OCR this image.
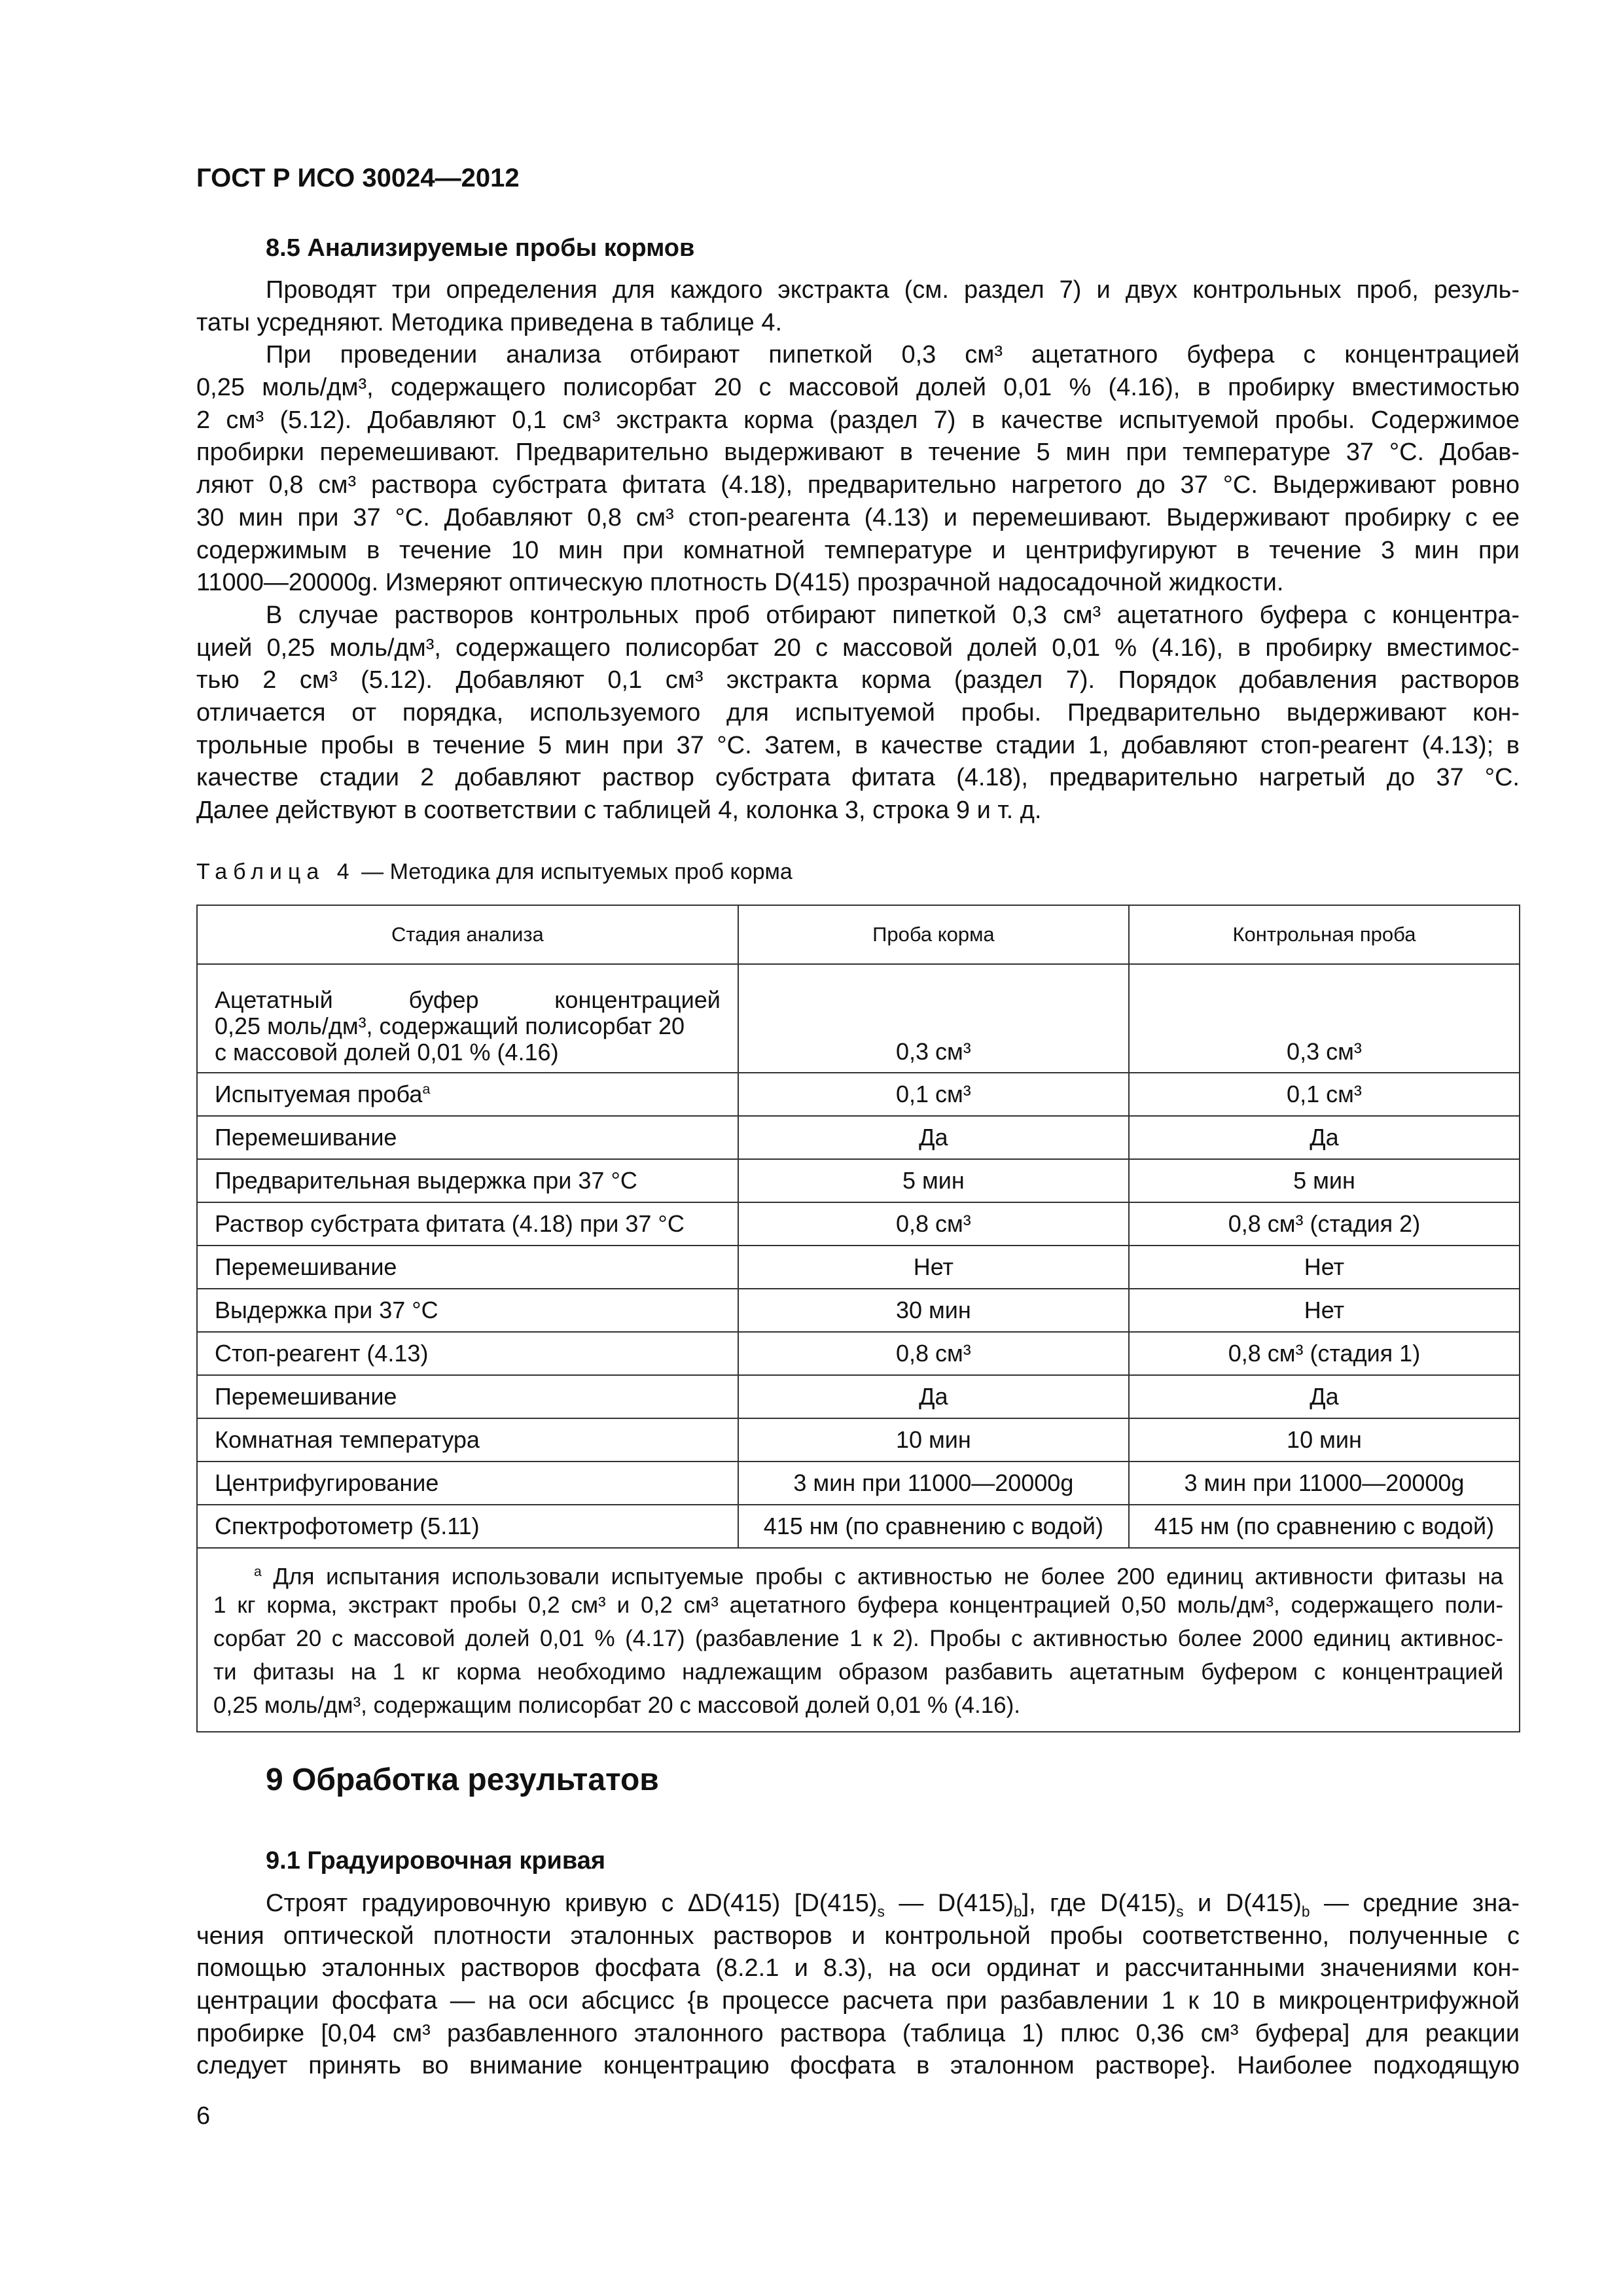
ГОСТ Р ИСО 30024—2012
8.5 Анализируемые пробы кормов
Проводят три определения для каждого экстракта (см. раздел 7) и двух контрольных проб, резуль-
таты усредняют. Методика приведена в таблице 4.
При проведении анализа отбирают пипеткой 0,3 см³ ацетатного буфера с концентрацией
0,25 моль/дм³, содержащего полисорбат 20 с массовой долей 0,01 % (4.16), в пробирку вместимостью
2 см³ (5.12). Добавляют 0,1 см³ экстракта корма (раздел 7) в качестве испытуемой пробы. Содержимое
пробирки перемешивают. Предварительно выдерживают в течение 5 мин при температуре 37 °С. Добав-
ляют 0,8 см³ раствора субстрата фитата (4.18), предварительно нагретого до 37 °С. Выдерживают ровно
30 мин при 37 °С. Добавляют 0,8 см³ стоп-реагента (4.13) и перемешивают. Выдерживают пробирку с ее
содержимым в течение 10 мин при комнатной температуре и центрифугируют в течение 3 мин при
11000—20000g. Измеряют оптическую плотность D(415) прозрачной надосадочной жидкости.
В случае растворов контрольных проб отбирают пипеткой 0,3 см³ ацетатного буфера с концентра-
цией 0,25 моль/дм³, содержащего полисорбат 20 с массовой долей 0,01 % (4.16), в пробирку вместимос-
тью 2 см³ (5.12). Добавляют 0,1 см³ экстракта корма (раздел 7). Порядок добавления растворов
отличается от порядка, используемого для испытуемой пробы. Предварительно выдерживают кон-
трольные пробы в течение 5 мин при 37 °С. Затем, в качестве стадии 1, добавляют стоп-реагент (4.13); в
качестве стадии 2 добавляют раствор субстрата фитата (4.18), предварительно нагретый до 37 °С.
Далее действуют в соответствии с таблицей 4, колонка 3, строка 9 и т. д.
Таблица 4 — Методика для испытуемых проб корма
Стадия анализа	Проба корма	Контрольная проба

Ацетатный буфер концентрацией
0,25 моль/дм³, содержащий полисорбат 20
с массовой долей 0,01 % (4.16)	0,3 см³	0,3 см³
Испытуемая проба$^a$	0,1 см³	0,1 см³
Перемешивание	Да	Да
Предварительная выдержка при 37 °С	5 мин	5 мин
Раствор субстрата фитата (4.18) при 37 °С	0,8 см³	0,8 см³ (стадия 2)
Перемешивание	Нет	Нет
Выдержка при 37 °С	30 мин	Нет
Стоп-реагент (4.13)	0,8 см³	0,8 см³ (стадия 1)
Перемешивание	Да	Да
Комнатная температура	10 мин	10 мин
Центрифугирование	3 мин при 11000—20000g	3 мин при 11000—20000g
Спектрофотометр (5.11)	415 нм (по сравнению с водой)	415 нм (по сравнению с водой)

$^a$ Для испытания использовали испытуемые пробы с активностью не более 200 единиц активности фитазы на
1 кг корма, экстракт пробы 0,2 см³ и 0,2 см³ ацетатного буфера концентрацией 0,50 моль/дм³, содержащего поли-
сорбат 20 с массовой долей 0,01 % (4.17) (разбавление 1 к 2). Пробы с активностью более 2000 единиц активнос-
ти фитазы на 1 кг корма необходимо надлежащим образом разбавить ацетатным буфером с концентрацией
0,25 моль/дм³, содержащим полисорбат 20 с массовой долей 0,01 % (4.16).		
9 Обработка результатов
9.1 Градуировочная кривая
Строят градуировочную кривую с ΔD(415) [$D(415)_s$ — $D(415)_b$], где $D(415)_s$ и $D(415)_b$ — средние зна-
чения оптической плотности эталонных растворов и контрольной пробы соответственно, полученные с
помощью эталонных растворов фосфата (8.2.1 и 8.3), на оси ординат и рассчитанными значениями кон-
центрации фосфата — на оси абсцисс {в процессе расчета при разбавлении 1 к 10 в микроцентрифужной
пробирке [0,04 см³ разбавленного эталонного раствора (таблица 1) плюс 0,36 см³ буфера] для реакции
следует принять во внимание концентрацию фосфата в эталонном растворе}. Наиболее подходящую
6
